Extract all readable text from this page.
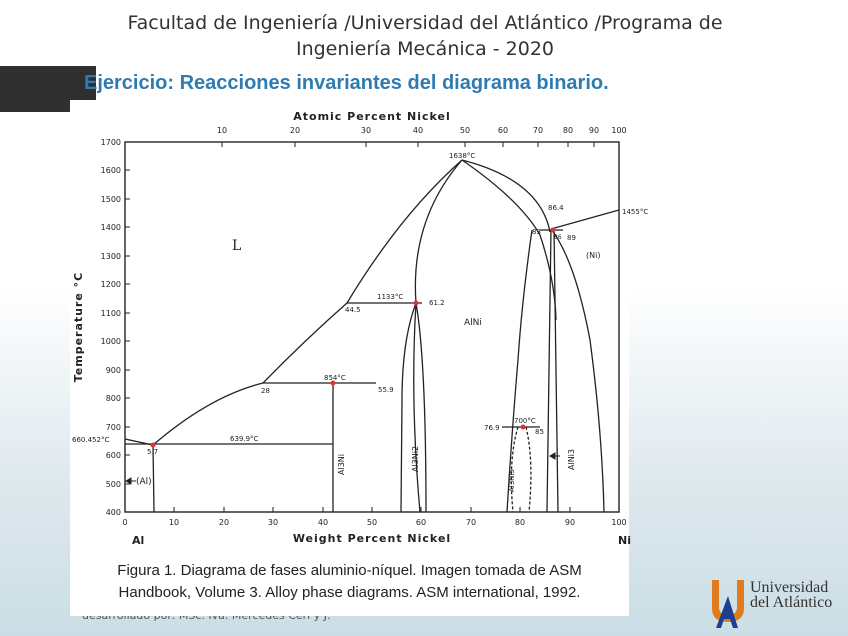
Facultad de Ingeniería /Universidad del Atlántico /Programa de
Ingeniería Mecánica - 2020
Ejercicio: Reacciones invariantes del diagrama binario.
Atomic Percent Nickel
10	20	30	40	50	60	70 80 90 100
400
500
600
700
800
900
1000
1100
1200
1300
1400
1500
1600
1700
Temperature °C
0	10	20	30	40	50	60	70	80	90	100
Weight Percent Nickel
Al	Ni
L
(Ni)
(Al)
AlNi
Al3Ni	Al3Ni2
Al3Ni5
AlNi3
1638°C
1455°C
1133°C
854°C
700°C
639.9°C
660.452°C
86.4
83
86 89
44.5
61.2
28	55.9
5.7
76.9	85
Figura 1. Diagrama de fases aluminio-níquel. Imagen tomada de ASM
Handbook, Volume 3. Alloy phase diagrams. ASM international, 1992.	Universidad
del Atlántico
